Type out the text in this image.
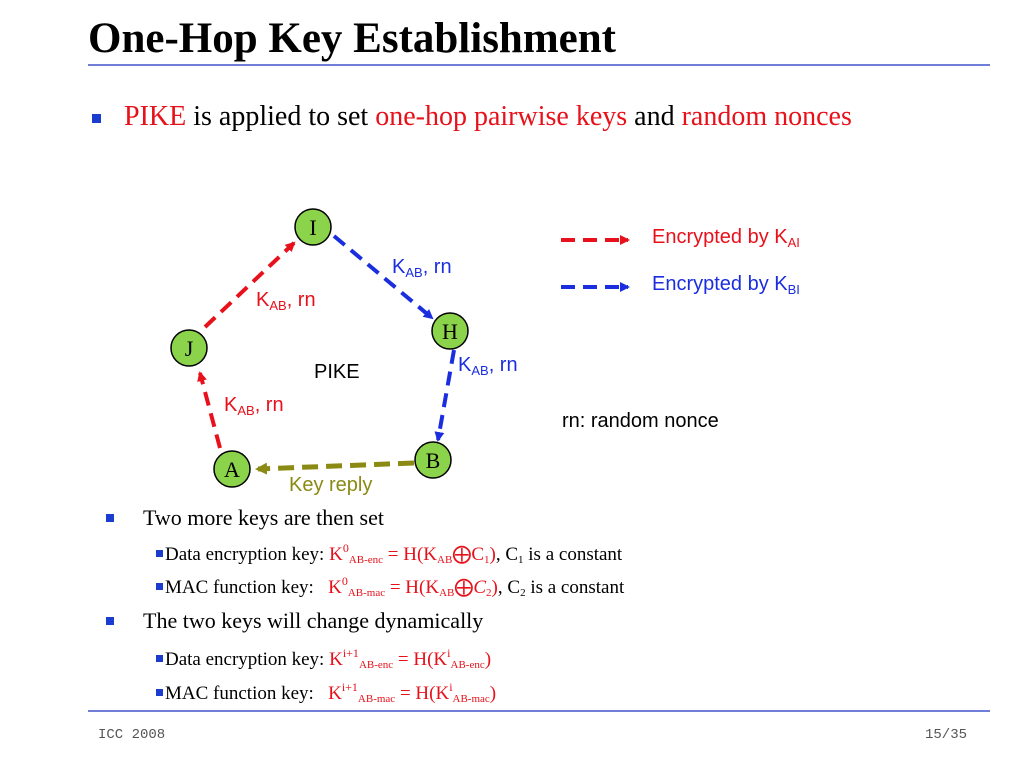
One-Hop Key Establishment
PIKE is applied to set one-hop pairwise keys and random nonces
I
H
J
B
A
$K_{AB}$, rn
$K_{AB}$, rn
$K_{AB}$, rn
$K_{AB}$, rn
PIKE
Key reply
Encrypted by $K_{AI}$
Encrypted by $K_{BI}$
rn: random nonce
Two more keys are then set
Data encryption key: $K^0AB$-enc = H(KAB⨁C1), C1 is a constant
MAC function key:   $K^0AB$-mac = H(KAB⨁C2), C2 is a constant
The two keys will change dynamically
Data encryption key: $K^{i+1}AB$-enc = $H(K^iAB-enc)$
MAC function key:   $K^{i+1}AB$-mac = $H(K^iAB-mac)$
ICC 2008	15/35
